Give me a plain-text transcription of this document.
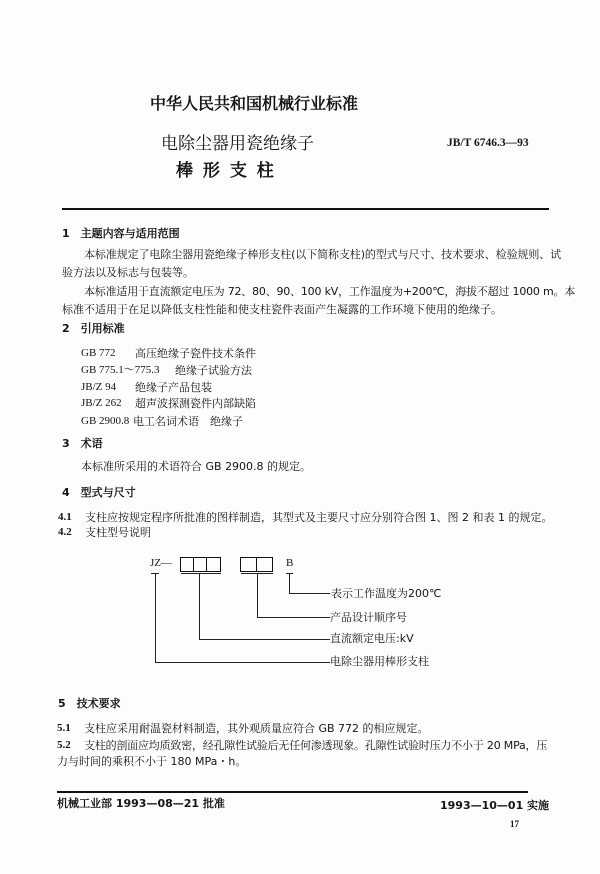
中华人民共和国机械行业标准
电除尘器用瓷绝缘子
棒 形 支 柱
JB/T 6746.3—93
1　主题内容与适用范围
本标准规定了电除尘器用瓷绝缘子棒形支柱(以下简称支柱)的型式与尺寸、技术要求、检验规则、试
验方法以及标志与包装等。
本标准适用于直流额定电压为 72、80、90、100 kV，工作温度为+200℃，海拔不超过 1000 m。本
标准不适用于在足以降低支柱性能和使支柱瓷件表面产生凝露的工作环境下使用的绝缘子。
2　引用标准
GB 772 高压绝缘子瓷件技术条件
GB 775.1～775.3 绝缘子试验方法
JB/Z 94 绝缘子产品包装
JB/Z 262 超声波探测瓷件内部缺陷
GB 2900.8 电工名词术语　绝缘子
3　术语
本标准所采用的术语符合 GB 2900.8 的规定。
4　型式与尺寸
4.1 支柱应按规定程序所批准的图样制造，其型式及主要尺寸应分别符合图 1、图 2 和表 1 的规定。
4.2 支柱型号说明
JZ—	B
表示工作温度为200℃
产品设计顺序号
直流额定电压:kV
电除尘器用棒形支柱
5　技术要求
5.1 支柱应采用耐温瓷材料制造，其外观质量应符合 GB 772 的相应规定。
5.2 支柱的剖面应均质致密，经孔隙性试验后无任何渗透现象。孔隙性试验时压力不小于 20 MPa，压
力与时间的乘积不小于 180 MPa・h。
机械工业部 1993—08—21 批准	1993—10—01 实施
17
